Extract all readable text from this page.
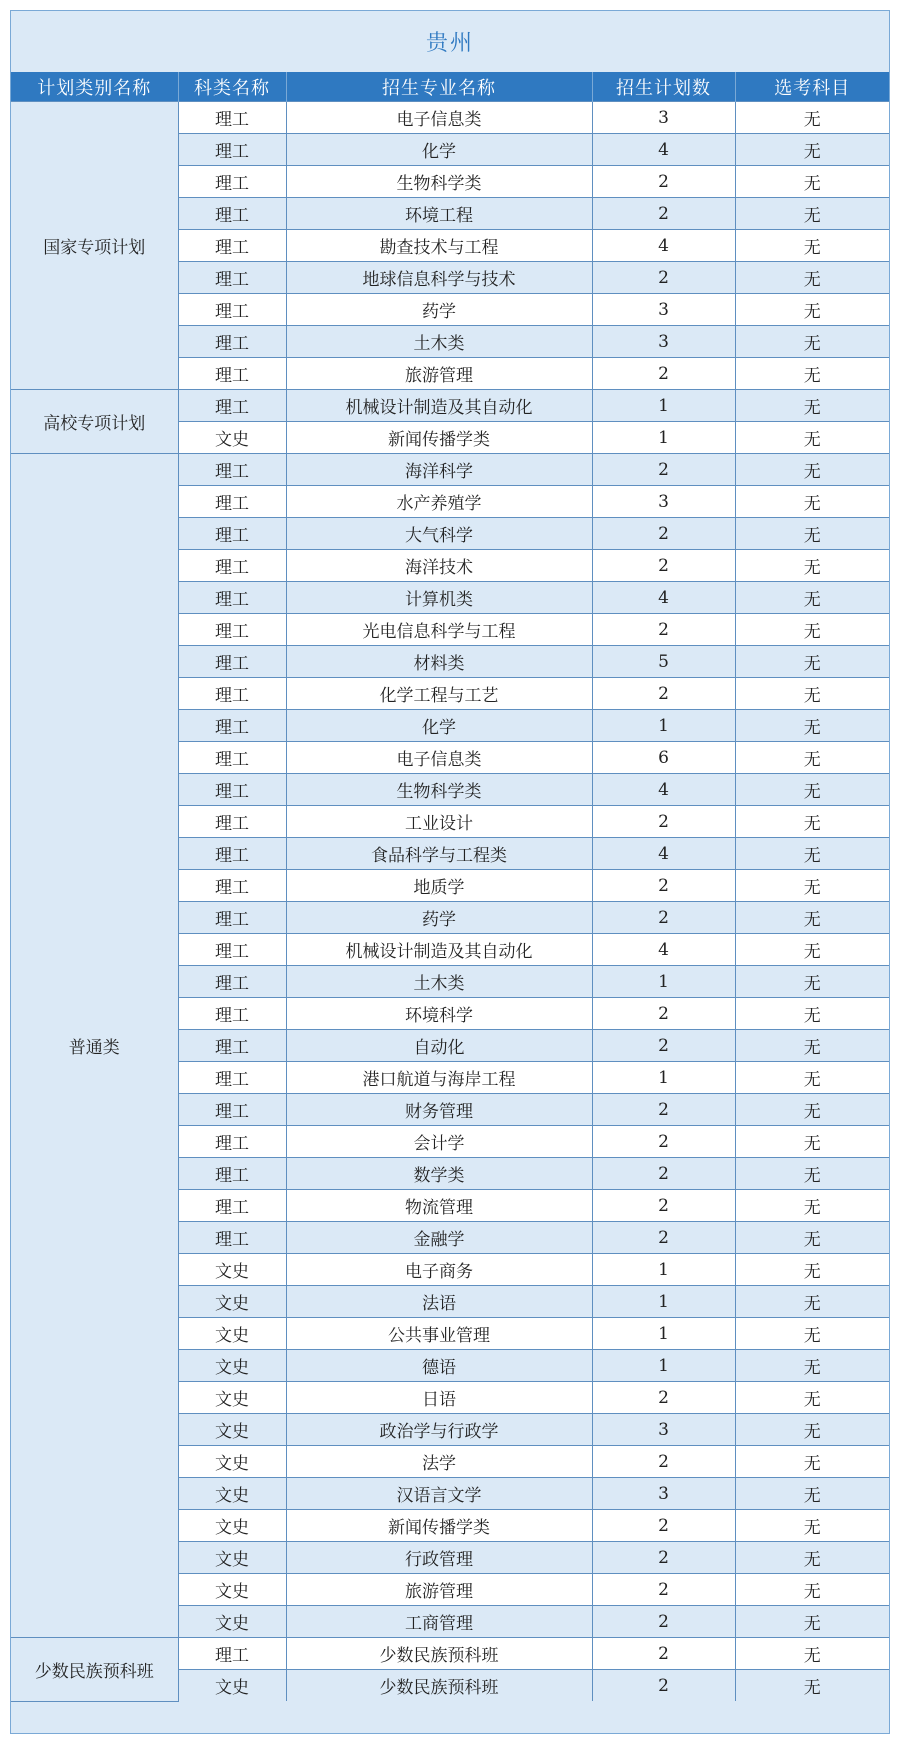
贵州
计划类别名称	科类名称	招生专业名称	招生计划数	选考科目
国家专项计划	理工	电子信息类	3	无
	理工	化学	4	无
	理工	生物科学类	2	无
	理工	环境工程	2	无
	理工	勘查技术与工程	4	无
	理工	地球信息科学与技术	2	无
	理工	药学	3	无
	理工	土木类	3	无
	理工	旅游管理	2	无
高校专项计划	理工	机械设计制造及其自动化	1	无
	文史	新闻传播学类	1	无
普通类	理工	海洋科学	2	无
	理工	水产养殖学	3	无
	理工	大气科学	2	无
	理工	海洋技术	2	无
	理工	计算机类	4	无
	理工	光电信息科学与工程	2	无
	理工	材料类	5	无
	理工	化学工程与工艺	2	无
	理工	化学	1	无
	理工	电子信息类	6	无
	理工	生物科学类	4	无
	理工	工业设计	2	无
	理工	食品科学与工程类	4	无
	理工	地质学	2	无
	理工	药学	2	无
	理工	机械设计制造及其自动化	4	无
	理工	土木类	1	无
	理工	环境科学	2	无
	理工	自动化	2	无
	理工	港口航道与海岸工程	1	无
	理工	财务管理	2	无
	理工	会计学	2	无
	理工	数学类	2	无
	理工	物流管理	2	无
	理工	金融学	2	无
	文史	电子商务	1	无
	文史	法语	1	无
	文史	公共事业管理	1	无
	文史	德语	1	无
	文史	日语	2	无
	文史	政治学与行政学	3	无
	文史	法学	2	无
	文史	汉语言文学	3	无
	文史	新闻传播学类	2	无
	文史	行政管理	2	无
	文史	旅游管理	2	无
	文史	工商管理	2	无
少数民族预科班	理工	少数民族预科班	2	无
	文史	少数民族预科班	2	无
